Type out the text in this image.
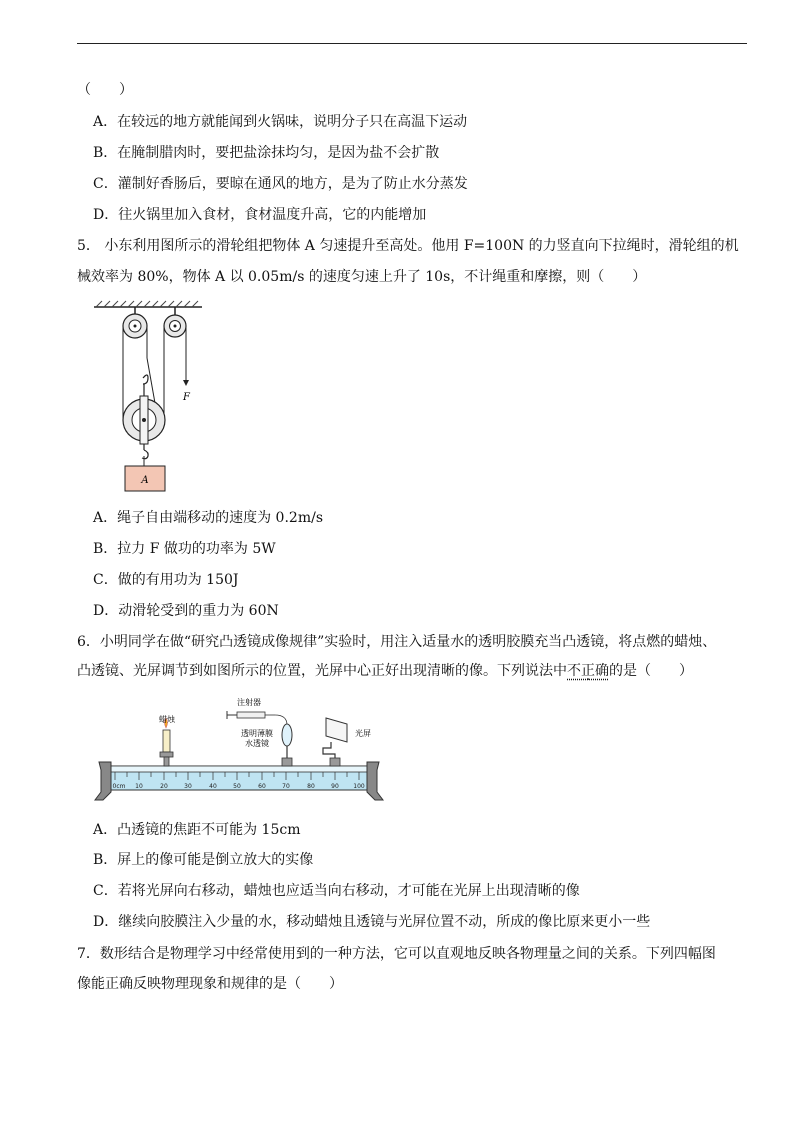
（　　）
A．在较远的地方就能闻到火锅味，说明分子只在高温下运动
B．在腌制腊肉时，要把盐涂抹均匀，是因为盐不会扩散
C．灌制好香肠后，要晾在通风的地方，是为了防止水分蒸发
D．往火锅里加入食材，食材温度升高，它的内能增加
5． 小东利用图所示的滑轮组把物体 A 匀速提升至高处。他用 F=100N 的力竖直向下拉绳时，滑轮组的机
械效率为 80%，物体 A 以 0.05m/s 的速度匀速上升了 10s，不计绳重和摩擦，则（　　）
F
A
A．绳子自由端移动的速度为 0.2m/s
B．拉力 F 做功的功率为 5W
C．做的有用功为 150J
D．动滑轮受到的重力为 60N
6．小明同学在做“研究凸透镜成像规律”实验时，用注入适量水的透明胶膜充当凸透镜，将点燃的蜡烛、
凸透镜、光屏调节到如图所示的位置，光屏中心正好出现清晰的像。下列说法中不正确的是（　　）
0cm 10	20	30	40	50	60	70	80	90 100
蜡烛
注射器
透明薄膜
水透镜
光屏
A．凸透镜的焦距不可能为 15cm
B．屏上的像可能是倒立放大的实像
C．若将光屏向右移动，蜡烛也应适当向右移动，才可能在光屏上出现清晰的像
D．继续向胶膜注入少量的水，移动蜡烛且透镜与光屏位置不动，所成的像比原来更小一些
7．数形结合是物理学习中经常使用到的一种方法，它可以直观地反映各物理量之间的关系。下列四幅图
像能正确反映物理现象和规律的是（　　）
